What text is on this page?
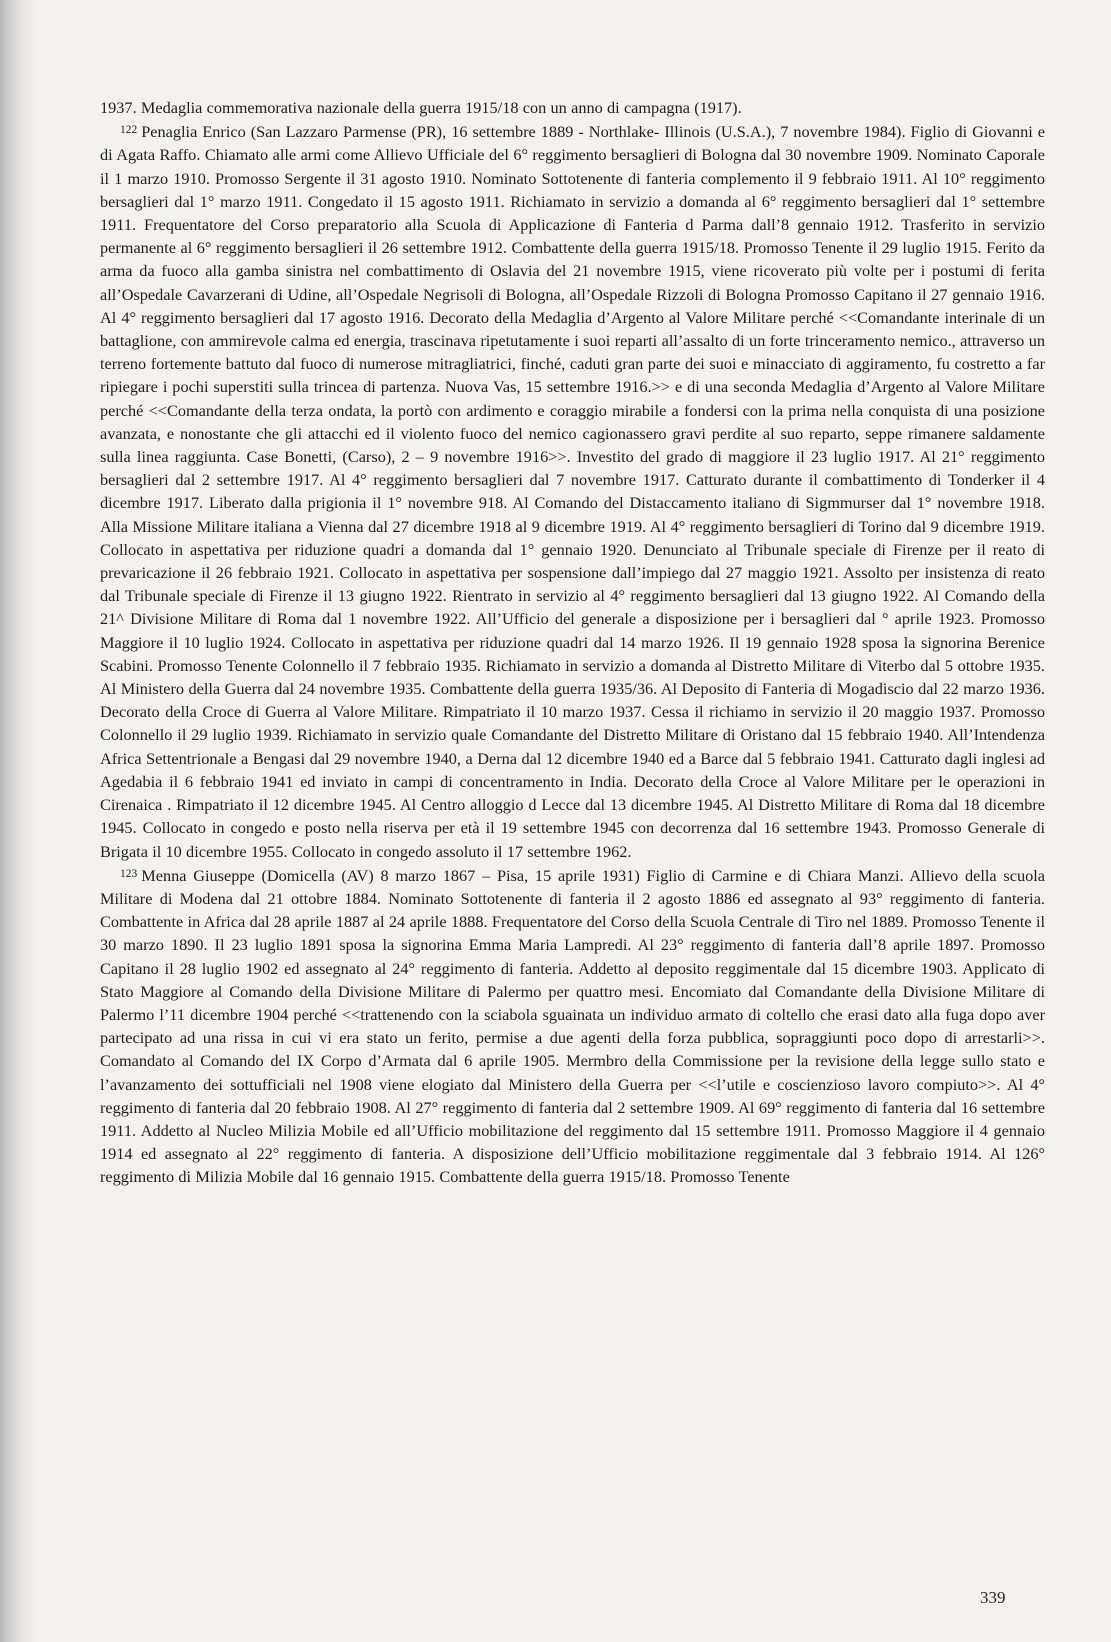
1937. Medaglia commemorativa nazionale della guerra 1915/18 con un anno di campagna (1917).

$^{122}$ Penaglia Enrico (San Lazzaro Parmense (PR), 16 settembre 1889 - Northlake- Illinois (U.S.A.), 7 novembre 1984). Figlio di Giovanni e di Agata Raffo. Chiamato alle armi come Allievo Ufficiale del 6° reggimento bersaglieri di Bologna dal 30 novembre 1909. Nominato Caporale il 1 marzo 1910. Promosso Sergente il 31 agosto 1910. Nominato Sottotenente di fanteria complemento il 9 febbraio 1911. Al 10° reggimento bersaglieri dal 1° marzo 1911. Congedato il 15 agosto 1911. Richiamato in servizio a domanda al 6° reggimento bersaglieri dal 1° settembre 1911. Frequentatore del Corso preparatorio alla Scuola di Applicazione di Fanteria d Parma dall’8 gennaio 1912. Trasferito in servizio permanente al 6° reggimento bersaglieri il 26 settembre 1912. Combattente della guerra 1915/18. Promosso Tenente il 29 luglio 1915. Ferito da arma da fuoco alla gamba sinistra nel combattimento di Oslavia del 21 novembre 1915, viene ricoverato più volte per i postumi di ferita all’Ospedale Cavarzerani di Udine, all’Ospedale Negrisoli di Bologna, all’Ospedale Rizzoli di Bologna Promosso Capitano il 27 gennaio 1916. Al 4° reggimento bersaglieri dal 17 agosto 1916. Decorato della Medaglia d’Argento al Valore Militare perché <<Comandante interinale di un battaglione, con ammirevole calma ed energia, trascinava ripetutamente i suoi reparti all’assalto di un forte trinceramento nemico., attraverso un terreno fortemente battuto dal fuoco di numerose mitragliatrici, finché, caduti gran parte dei suoi e minacciato di aggiramento, fu costretto a far ripiegare i pochi superstiti sulla trincea di partenza. Nuova Vas, 15 settembre 1916.>> e di una seconda Medaglia d’Argento al Valore Militare perché <<Comandante della terza ondata, la portò con ardimento e coraggio mirabile a fondersi con la prima nella conquista di una posizione avanzata, e nonostante che gli attacchi ed il violento fuoco del nemico cagionassero gravi perdite al suo reparto, seppe rimanere saldamente sulla linea raggiunta. Case Bonetti, (Carso), 2 – 9 novembre 1916>>. Investito del grado di maggiore il 23 luglio 1917. Al 21° reggimento bersaglieri dal 2 settembre 1917. Al 4° reggimento bersaglieri dal 7 novembre 1917. Catturato durante il combattimento di Tonderker il 4 dicembre 1917. Liberato dalla prigionia il 1° novembre 918. Al Comando del Distaccamento italiano di Sigmmurser dal 1° novembre 1918. Alla Missione Militare italiana a Vienna dal 27 dicembre 1918 al 9 dicembre 1919. Al 4° reggimento bersaglieri di Torino dal 9 dicembre 1919. Collocato in aspettativa per riduzione quadri a domanda dal 1° gennaio 1920. Denunciato al Tribunale speciale di Firenze per il reato di prevaricazione il 26 febbraio 1921. Collocato in aspettativa per sospensione dall’impiego dal 27 maggio 1921. Assolto per insistenza di reato dal Tribunale speciale di Firenze il 13 giugno 1922. Rientrato in servizio al 4° reggimento bersaglieri dal 13 giugno 1922. Al Comando della 21^ Divisione Militare di Roma dal 1 novembre 1922. All’Ufficio del generale a disposizione per i bersaglieri dal ° aprile 1923. Promosso Maggiore il 10 luglio 1924. Collocato in aspettativa per riduzione quadri dal 14 marzo 1926. Il 19 gennaio 1928 sposa la signorina Berenice Scabini. Promosso Tenente Colonnello il 7 febbraio 1935. Richiamato in servizio a domanda al Distretto Militare di Viterbo dal 5 ottobre 1935. Al Ministero della Guerra dal 24 novembre 1935. Combattente della guerra 1935/36. Al Deposito di Fanteria di Mogadiscio dal 22 marzo 1936. Decorato della Croce di Guerra al Valore Militare. Rimpatriato il 10 marzo 1937. Cessa il richiamo in servizio il 20 maggio 1937. Promosso Colonnello il 29 luglio 1939. Richiamato in servizio quale Comandante del Distretto Militare di Oristano dal 15 febbraio 1940. All’Intendenza Africa Settentrionale a Bengasi dal 29 novembre 1940, a Derna dal 12 dicembre 1940 ed a Barce dal 5 febbraio 1941. Catturato dagli inglesi ad Agedabia il 6 febbraio 1941 ed inviato in campi di concentramento in India. Decorato della Croce al Valore Militare per le operazioni in Cirenaica . Rimpatriato il 12 dicembre 1945. Al Centro alloggio d Lecce dal 13 dicembre 1945. Al Distretto Militare di Roma dal 18 dicembre 1945. Collocato in congedo e posto nella riserva per età il 19 settembre 1945 con decorrenza dal 16 settembre 1943. Promosso Generale di Brigata il 10 dicembre 1955. Collocato in congedo assoluto il 17 settembre 1962.

$^{123}$ Menna Giuseppe (Domicella (AV) 8 marzo 1867 – Pisa, 15 aprile 1931) Figlio di Carmine e di Chiara Manzi. Allievo della scuola Militare di Modena dal 21 ottobre 1884. Nominato Sottotenente di fanteria il 2 agosto 1886 ed assegnato al 93° reggimento di fanteria. Combattente in Africa dal 28 aprile 1887 al 24 aprile 1888. Frequentatore del Corso della Scuola Centrale di Tiro nel 1889. Promosso Tenente il 30 marzo 1890. Il 23 luglio 1891 sposa la signorina Emma Maria Lampredi. Al 23° reggimento di fanteria dall’8 aprile 1897. Promosso Capitano il 28 luglio 1902 ed assegnato al 24° reggimento di fanteria. Addetto al deposito reggimentale dal 15 dicembre 1903. Applicato di Stato Maggiore al Comando della Divisione Militare di Palermo per quattro mesi. Encomiato dal Comandante della Divisione Militare di Palermo l’11 dicembre 1904 perché <<trattenendo con la sciabola sguainata un individuo armato di coltello che erasi dato alla fuga dopo aver partecipato ad una rissa in cui vi era stato un ferito, permise a due agenti della forza pubblica, sopraggiunti poco dopo di arrestarli>>. Comandato al Comando del IX Corpo d’Armata dal 6 aprile 1905. Mermbro della Commissione per la revisione della legge sullo stato e l’avanzamento dei sottufficiali nel 1908 viene elogiato dal Ministero della Guerra per <<l’utile e coscienzioso lavoro compiuto>>. Al 4° reggimento di fanteria dal 20 febbraio 1908. Al 27° reggimento di fanteria dal 2 settembre 1909. Al 69° reggimento di fanteria dal 16 settembre 1911. Addetto al Nucleo Milizia Mobile ed all’Ufficio mobilitazione del reggimento dal 15 settembre 1911. Promosso Maggiore il 4 gennaio 1914 ed assegnato al 22° reggimento di fanteria. A disposizione dell’Ufficio mobilitazione reggimentale dal 3 febbraio 1914. Al 126° reggimento di Milizia Mobile dal 16 gennaio 1915. Combattente della guerra 1915/18. Promosso Tenente

339
